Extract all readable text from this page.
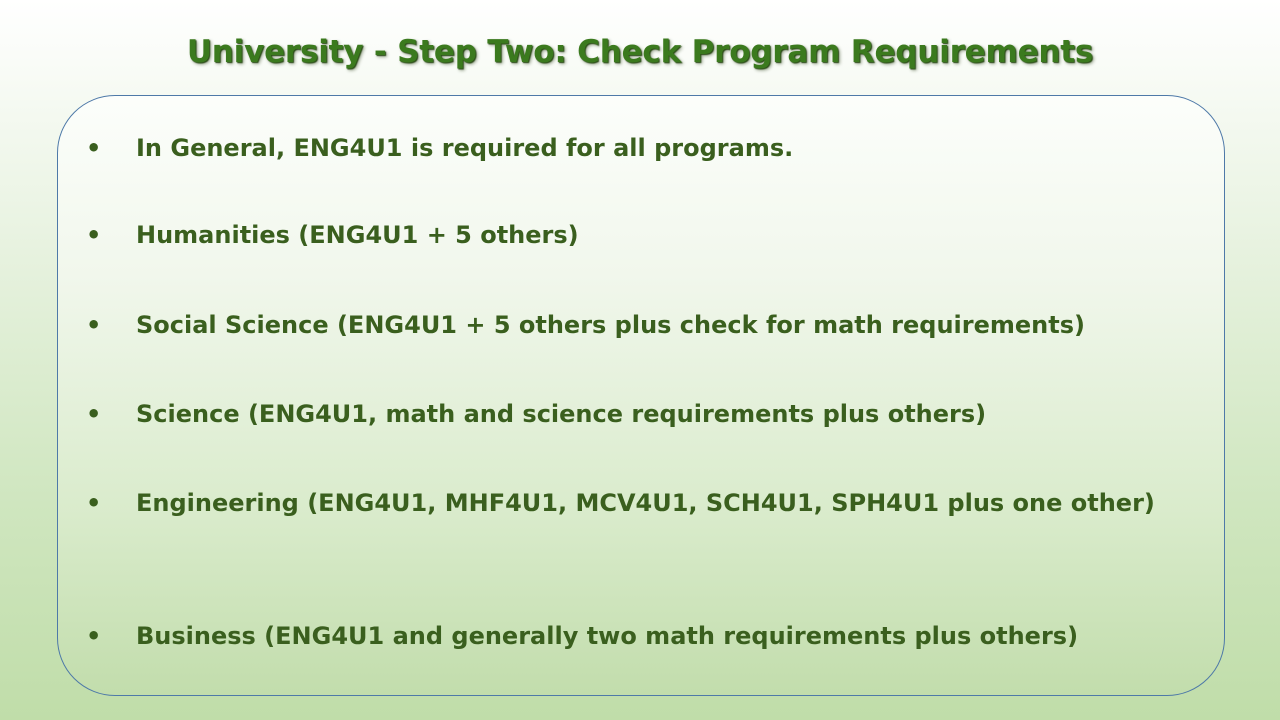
University - Step Two: Check Program Requirements
•	In General, ENG4U1 is required for all programs.
•	Humanities (ENG4U1 + 5 others)
•	Social Science (ENG4U1 + 5 others plus check for math requirements)
•	Science (ENG4U1, math and science requirements plus others)
•	Engineering (ENG4U1, MHF4U1, MCV4U1, SCH4U1, SPH4U1 plus one other)
•	Business (ENG4U1 and generally two math requirements plus others)
